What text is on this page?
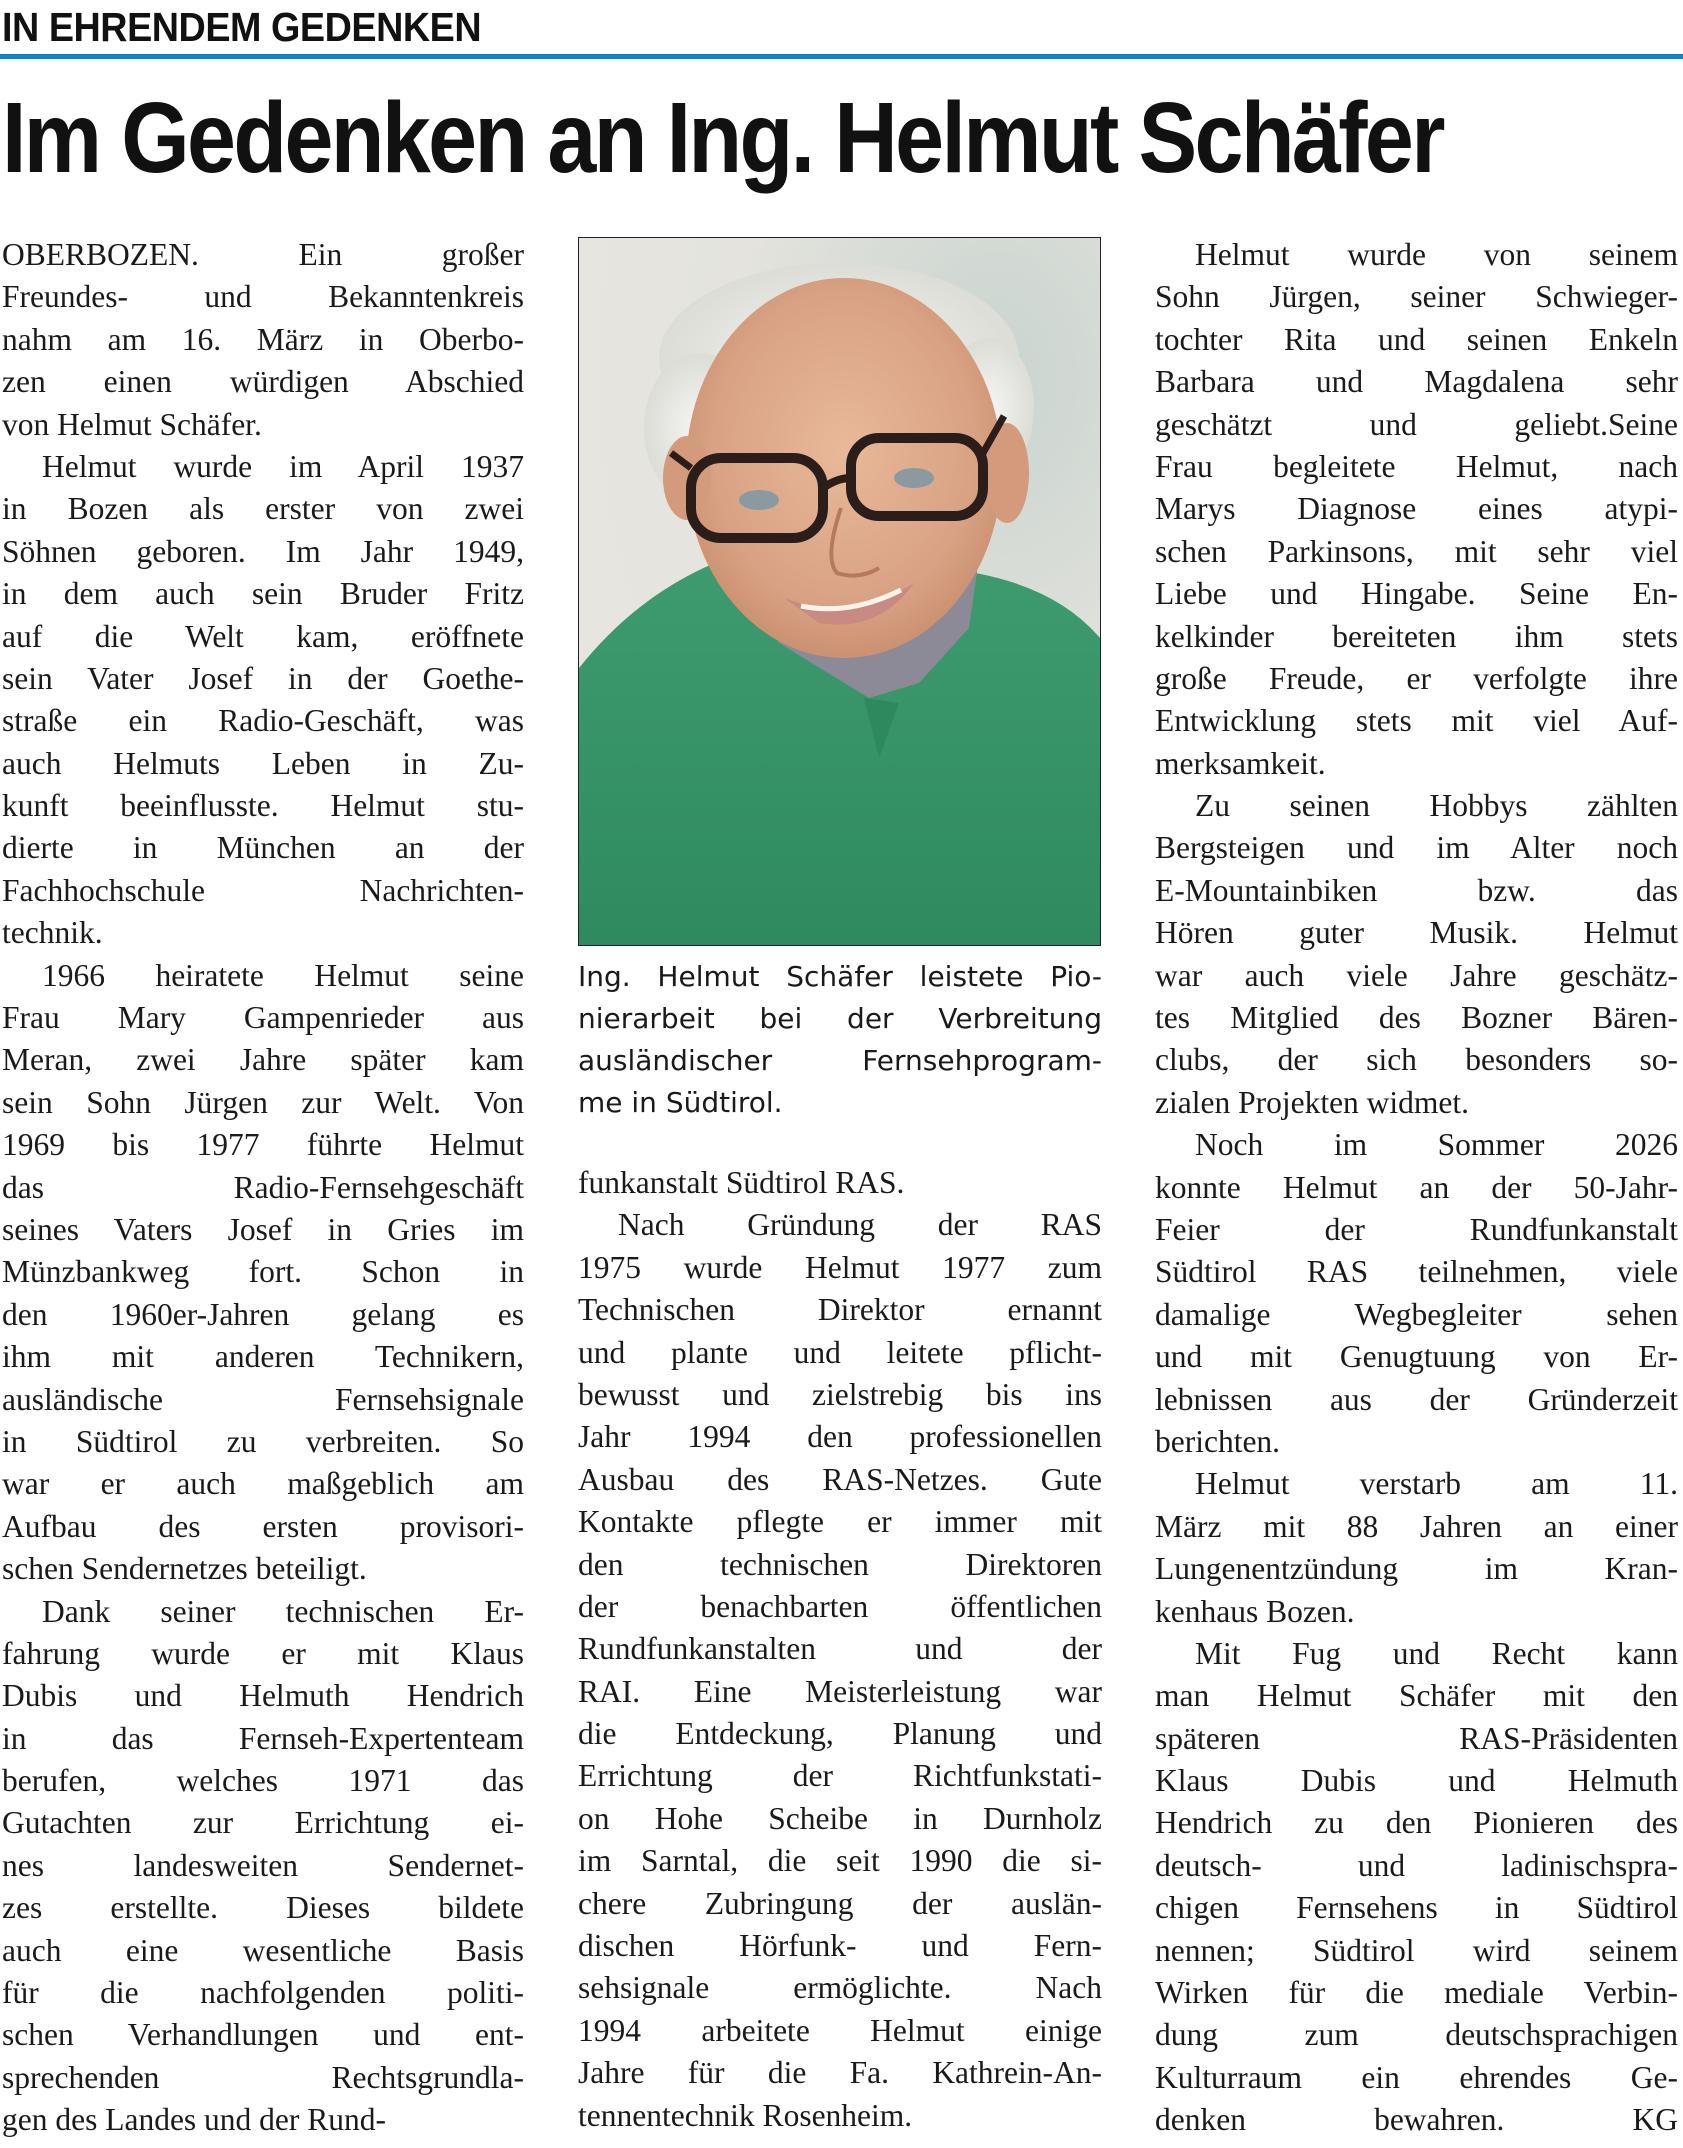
IN EHRENDEM GEDENKEN
Im Gedenken an Ing. Helmut Schäfer
OBERBOZEN. Ein großer
Freundes- und Bekanntenkreis
nahm am 16. März in Oberbo-
zen einen würdigen Abschied
von Helmut Schäfer.
Helmut wurde im April 1937
in Bozen als erster von zwei
Söhnen geboren. Im Jahr 1949,
in dem auch sein Bruder Fritz
auf die Welt kam, eröffnete
sein Vater Josef in der Goethe-
straße ein Radio-Geschäft, was
auch Helmuts Leben in Zu-
kunft beeinflusste. Helmut stu-
dierte in München an der
Fachhochschule Nachrichten-
technik.
1966 heiratete Helmut seine
Frau Mary Gampenrieder aus
Meran, zwei Jahre später kam
sein Sohn Jürgen zur Welt. Von
1969 bis 1977 führte Helmut
das Radio-Fernsehgeschäft
seines Vaters Josef in Gries im
Münzbankweg fort. Schon in
den 1960er-Jahren gelang es
ihm mit anderen Technikern,
ausländische Fernsehsignale
in Südtirol zu verbreiten. So
war er auch maßgeblich am
Aufbau des ersten provisori-
schen Sendernetzes beteiligt.
Dank seiner technischen Er-
fahrung wurde er mit Klaus
Dubis und Helmuth Hendrich
in das Fernseh-Expertenteam
berufen, welches 1971 das
Gutachten zur Errichtung ei-
nes landesweiten Sendernet-
zes erstellte. Dieses bildete
auch eine wesentliche Basis
für die nachfolgenden politi-
schen Verhandlungen und ent-
sprechenden Rechtsgrundla-
gen des Landes und der Rund-
Ing. Helmut Schäfer leistete Pio-
nierarbeit bei der Verbreitung
ausländischer Fernsehprogram-
me in Südtirol.
funkanstalt Südtirol RAS.
Nach Gründung der RAS
1975 wurde Helmut 1977 zum
Technischen Direktor ernannt
und plante und leitete pflicht-
bewusst und zielstrebig bis ins
Jahr 1994 den professionellen
Ausbau des RAS-Netzes. Gute
Kontakte pflegte er immer mit
den technischen Direktoren
der benachbarten öffentlichen
Rundfunkanstalten und der
RAI. Eine Meisterleistung war
die Entdeckung, Planung und
Errichtung der Richtfunkstati-
on Hohe Scheibe in Durnholz
im Sarntal, die seit 1990 die si-
chere Zubringung der auslän-
dischen Hörfunk- und Fern-
sehsignale ermöglichte. Nach
1994 arbeitete Helmut einige
Jahre für die Fa. Kathrein-An-
tennentechnik Rosenheim.
Helmut wurde von seinem
Sohn Jürgen, seiner Schwieger-
tochter Rita und seinen Enkeln
Barbara und Magdalena sehr
geschätzt und geliebt.Seine
Frau begleitete Helmut, nach
Marys Diagnose eines atypi-
schen Parkinsons, mit sehr viel
Liebe und Hingabe. Seine En-
kelkinder bereiteten ihm stets
große Freude, er verfolgte ihre
Entwicklung stets mit viel Auf-
merksamkeit.
Zu seinen Hobbys zählten
Bergsteigen und im Alter noch
E-Mountainbiken bzw. das
Hören guter Musik. Helmut
war auch viele Jahre geschätz-
tes Mitglied des Bozner Bären-
clubs, der sich besonders so-
zialen Projekten widmet.
Noch im Sommer 2026
konnte Helmut an der 50-Jahr-
Feier der Rundfunkanstalt
Südtirol RAS teilnehmen, viele
damalige Wegbegleiter sehen
und mit Genugtuung von Er-
lebnissen aus der Gründerzeit
berichten.
Helmut verstarb am 11.
März mit 88 Jahren an einer
Lungenentzündung im Kran-
kenhaus Bozen.
Mit Fug und Recht kann
man Helmut Schäfer mit den
späteren RAS-Präsidenten
Klaus Dubis und Helmuth
Hendrich zu den Pionieren des
deutsch- und ladinischspra-
chigen Fernsehens in Südtirol
nennen; Südtirol wird seinem
Wirken für die mediale Verbin-
dung zum deutschsprachigen
Kulturraum ein ehrendes Ge-
denken bewahren. KG
